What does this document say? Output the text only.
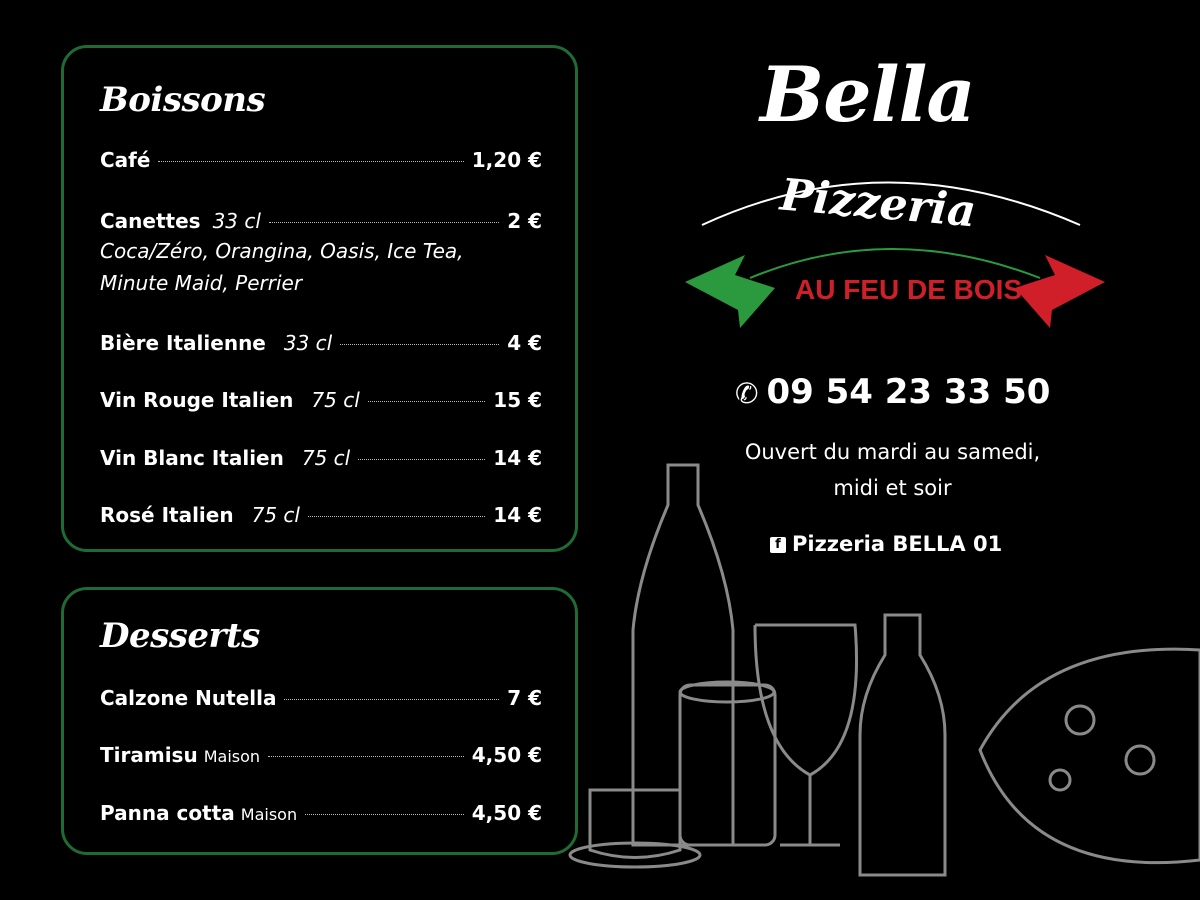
Boissons
Café	1,20 €
Canettes 33 cl	2 €
Coca/Zéro, Orangina, Oasis, Ice Tea,
Minute Maid, Perrier
Bière Italienne 33 cl	4 €
Vin Rouge Italien 75 cl	15 €
Vin Blanc Italien 75 cl	14 €
Rosé Italien 75 cl	14 €
Desserts
Calzone Nutella	7 €
Tiramisu Maison	4,50 €
Panna cotta Maison	4,50 €
Bella
Pizzeria
AU FEU DE BOIS
✆ 09 54 23 33 50
Ouvert du mardi au samedi,
midi et soir
f Pizzeria BELLA 01
